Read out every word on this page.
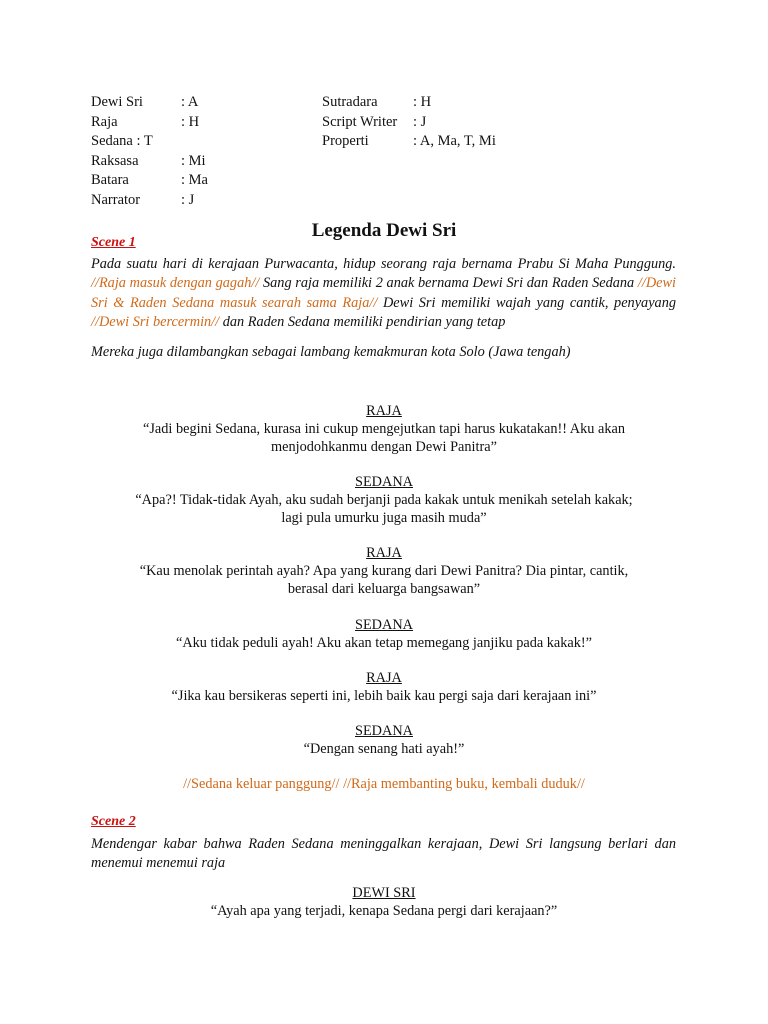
Dewi Sri	: A
Raja	: H
Sedana : T
Raksasa	: Mi
Batara	: Ma
Narrator	: J
Sutradara : H
Script Writer : J
Properti	: A, Ma, T, Mi
Legenda Dewi Sri
Scene 1
Pada suatu hari di kerajaan Purwacanta, hidup seorang raja bernama Prabu Si Maha Punggung. //Raja masuk dengan gagah// Sang raja memiliki 2 anak bernama Dewi Sri dan Raden Sedana //Dewi Sri & Raden Sedana masuk searah sama Raja// Dewi Sri memiliki wajah yang cantik, penyayang //Dewi Sri bercermin// dan Raden Sedana memiliki pendirian yang tetap
Mereka juga dilambangkan sebagai lambang kemakmuran kota Solo (Jawa tengah)
RAJA
“Jadi begini Sedana, kurasa ini cukup mengejutkan tapi harus kukatakan!! Aku akan menjodohkanmu dengan Dewi Panitra”
SEDANA
“Apa?! Tidak-tidak Ayah, aku sudah berjanji pada kakak untuk menikah setelah kakak; lagi pula umurku juga masih muda”
RAJA
“Kau menolak perintah ayah? Apa yang kurang dari Dewi Panitra? Dia pintar, cantik, berasal dari keluarga bangsawan”
SEDANA
“Aku tidak peduli ayah! Aku akan tetap memegang janjiku pada kakak!”
RAJA
“Jika kau bersikeras seperti ini, lebih baik kau pergi saja dari kerajaan ini”
SEDANA
“Dengan senang hati ayah!”
//Sedana keluar panggung// //Raja membanting buku, kembali duduk//
Scene 2
Mendengar kabar bahwa Raden Sedana meninggalkan kerajaan, Dewi Sri langsung berlari dan menemui menemui raja
DEWI SRI
“Ayah apa yang terjadi, kenapa Sedana pergi dari kerajaan?”
